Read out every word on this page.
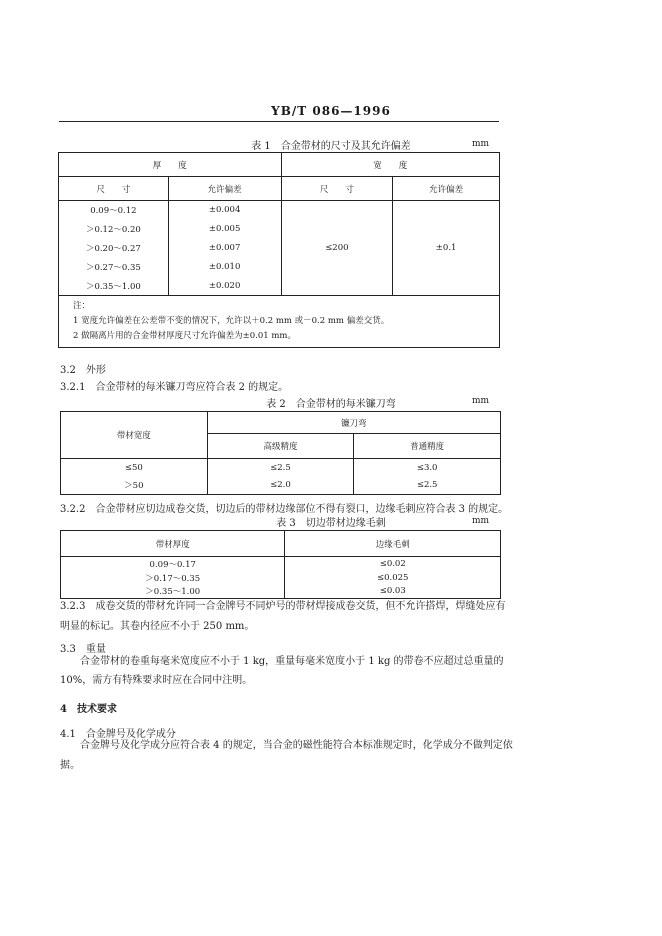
YB/T 086—1996
表 1　合金带材的尺寸及其允许偏差	mm
厚　　度		宽　　度	
尺　　寸	允许偏差	尺　　寸	允许偏差
0.09～0.12	±0.004	≤200	±0.1
＞0.12～0.20	±0.005		
＞0.20～0.27	±0.007		
＞0.27～0.35	±0.010		
＞0.35～1.00	±0.020		

注：
1 宽度允许偏差在公差带不变的情况下，允许以＋0.2 mm 或－0.2 mm 偏差交货。
2 做隔离片用的合金带材厚度尺寸允许偏差为±0.01 mm。			
3.2　外形
3.2.1　合金带材的每米镰刀弯应符合表 2 的规定。
表 2　合金带材的每米镰刀弯	mm
带材宽度	镰刀弯	
	高级精度	普通精度
≤50	≤2.5	≤3.0
＞50	≤2.0	≤2.5
3.2.2　合金带材应切边成卷交货，切边后的带材边缘部位不得有裂口，边缘毛刺应符合表 3 的规定。
表 3　切边带材边缘毛刺	mm
带材厚度	边缘毛刺
0.09～0.17	≤0.02
＞0.17～0.35	≤0.025
＞0.35～1.00	≤0.03
3.2.3　成卷交货的带材允许同一合金牌号不同炉号的带材焊接成卷交货，但不允许搭焊，焊缝处应有
明显的标记。其卷内径应不小于 250 mm。
3.3　重量
合金带材的卷重每毫米宽度应不小于 1 kg，重量每毫米宽度小于 1 kg 的带卷不应超过总重量的
10%，需方有特殊要求时应在合同中注明。
4　技术要求
4.1　合金牌号及化学成分
合金牌号及化学成分应符合表 4 的规定，当合金的磁性能符合本标准规定时，化学成分不做判定依
据。
